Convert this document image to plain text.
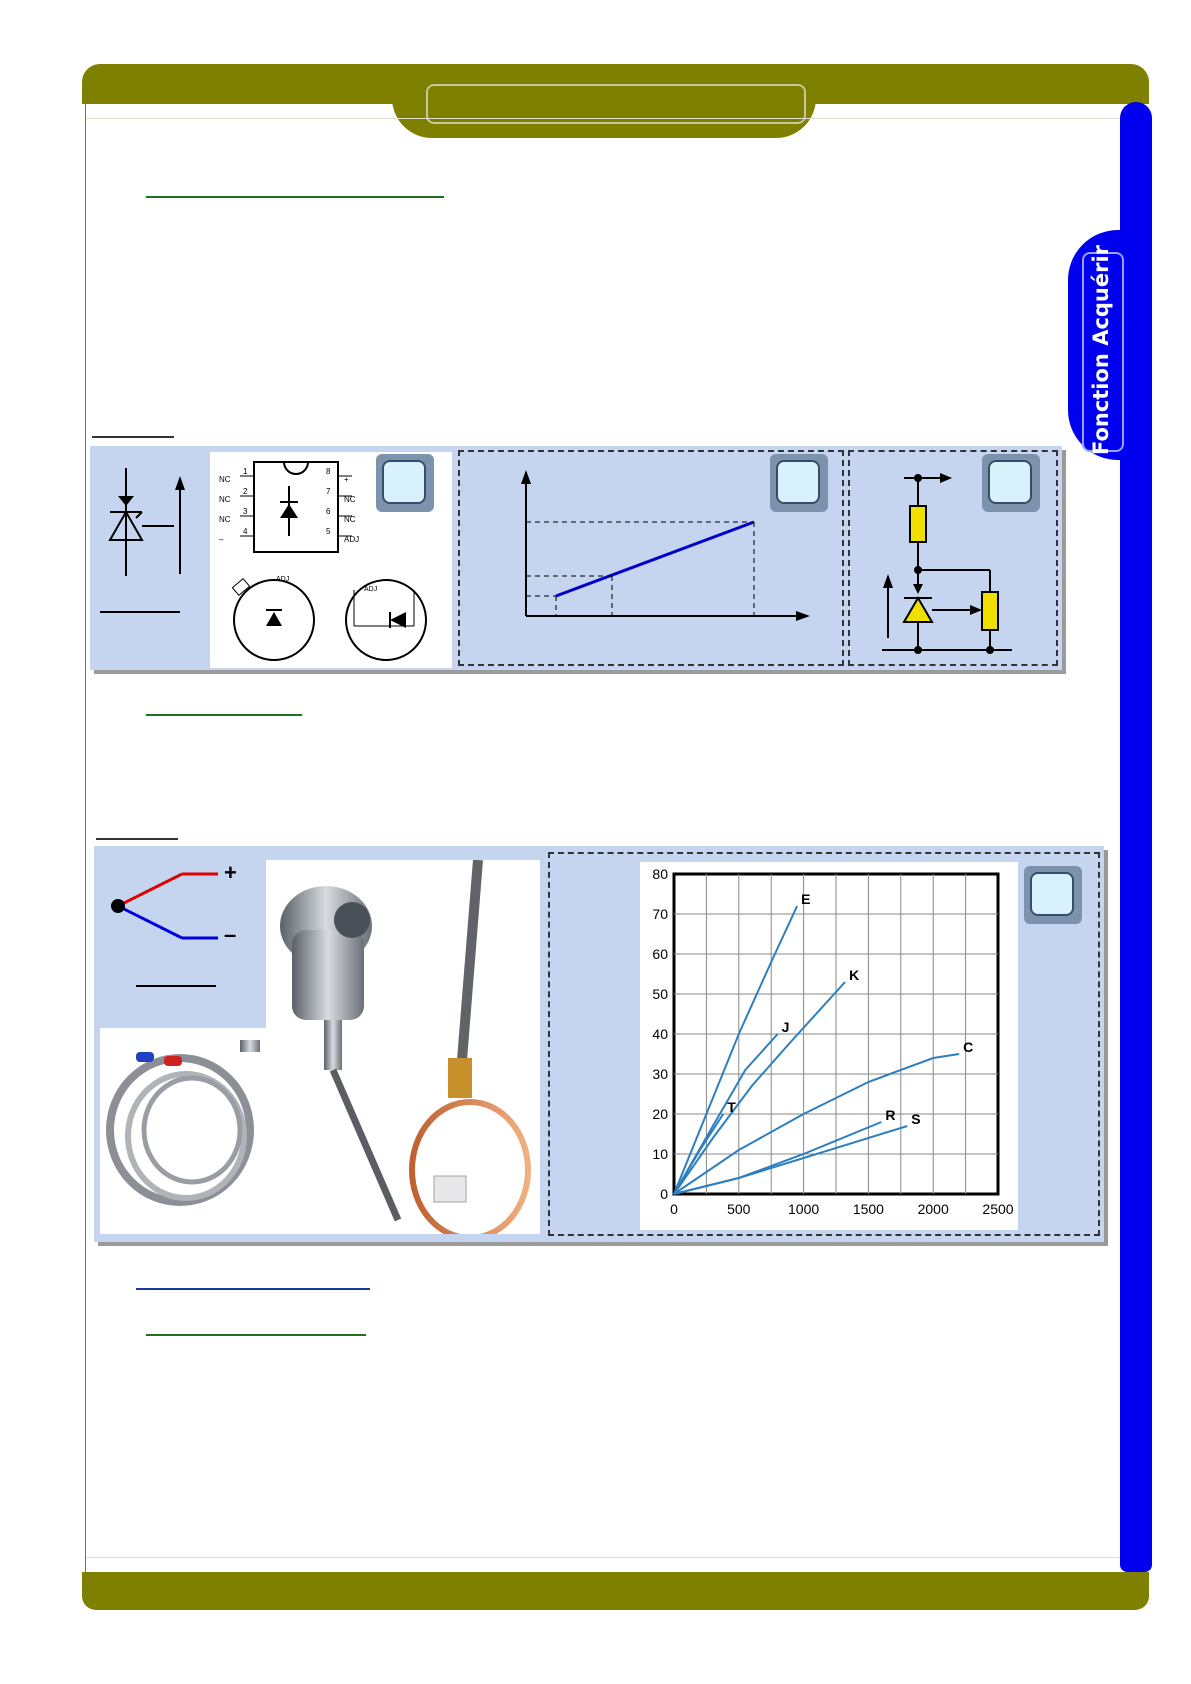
Fonction Acquérir
NC
NC
NC
–
1
2
3
4
8
7
6
5
+
NC
NC
ADJ
ADJ
ADJ
+
–
0
10
20
30
40
50
60
70
80
0	500	1000 1500 2000 2500
E
K
J
T
C
R S
